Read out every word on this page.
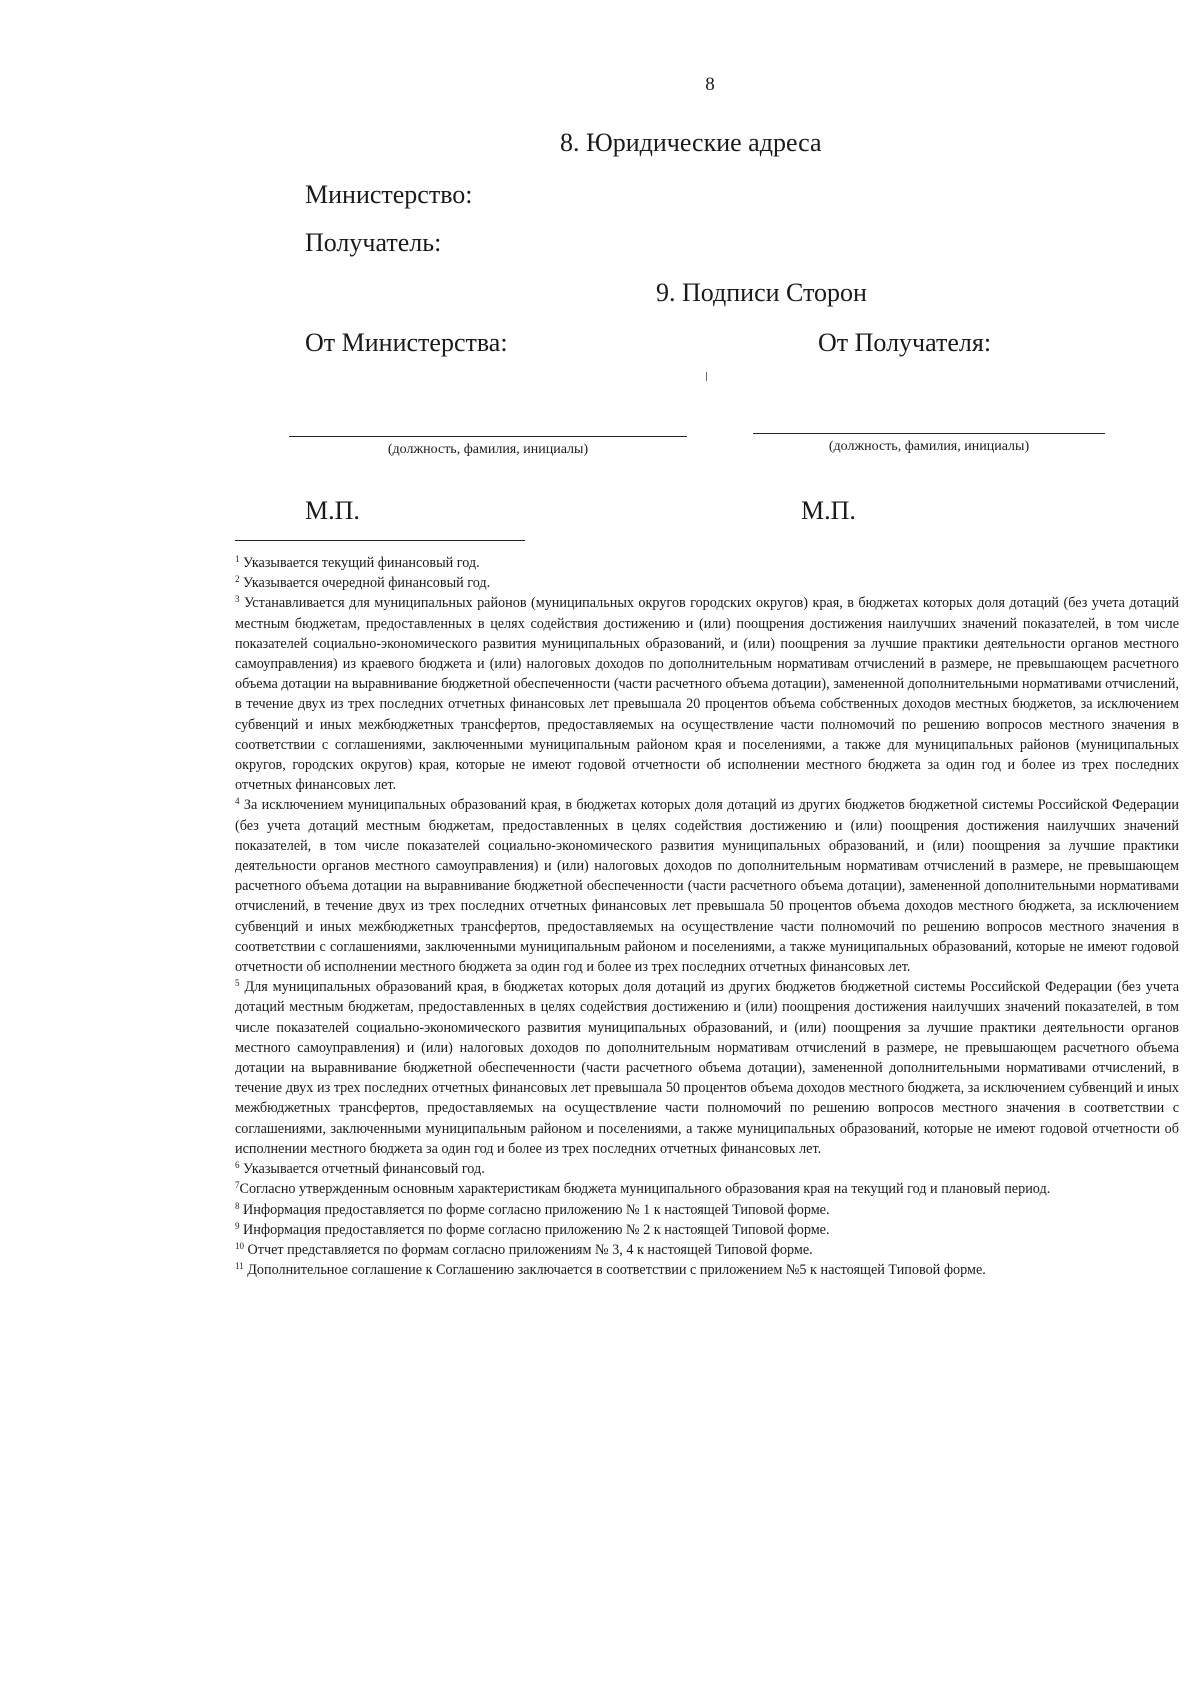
8
8. Юридические адреса
Министерство:
Получатель:
9. Подписи Сторон
От Министерства:	От Получателя:
(должность, фамилия, инициалы)	(должность, фамилия, инициалы)
М.П.	М.П.

$^1$ Указывается текущий финансовый год.

$^2$ Указывается очередной финансовый год.

$^3$ Устанавливается для муниципальных районов (муниципальных округов городских округов) края, в бюджетах которых доля дотаций (без учета дотаций местным бюджетам, предоставленных в целях содействия достижению и (или) поощрения достижения наилучших значений показателей, в том числе показателей социально-экономического развития муниципальных образований, и (или) поощрения за лучшие практики деятельности органов местного самоуправления) из краевого бюджета и (или) налоговых доходов по дополнительным нормативам отчислений в размере, не превышающем расчетного объема дотации на выравнивание бюджетной обеспеченности (части расчетного объема дотации), замененной дополнительными нормативами отчислений, в течение двух из трех последних отчетных финансовых лет превышала 20 процентов объема собственных доходов местных бюджетов, за исключением субвенций и иных межбюджетных трансфертов, предоставляемых на осуществление части полномочий по решению вопросов местного значения в соответствии с соглашениями, заключенными муниципальным районом края и поселениями, а также для муниципальных районов (муниципальных округов, городских округов) края, которые не имеют годовой отчетности об исполнении местного бюджета за один год и более из трех последних отчетных финансовых лет.

$^4$ За исключением муниципальных образований края, в бюджетах которых доля дотаций из других бюджетов бюджетной системы Российской Федерации (без учета дотаций местным бюджетам, предоставленных в целях содействия достижению и (или) поощрения достижения наилучших значений показателей, в том числе показателей социально-экономического развития муниципальных образований, и (или) поощрения за лучшие практики деятельности органов местного самоуправления) и (или) налоговых доходов по дополнительным нормативам отчислений в размере, не превышающем расчетного объема дотации на выравнивание бюджетной обеспеченности (части расчетного объема дотации), замененной дополнительными нормативами отчислений, в течение двух из трех последних отчетных финансовых лет превышала 50 процентов объема доходов местного бюджета, за исключением субвенций и иных межбюджетных трансфертов, предоставляемых на осуществление части полномочий по решению вопросов местного значения в соответствии с соглашениями, заключенными муниципальным районом и поселениями, а также муниципальных образований, которые не имеют годовой отчетности об исполнении местного бюджета за один год и более из трех последних отчетных финансовых лет.

$^5$ Для муниципальных образований края, в бюджетах которых доля дотаций из других бюджетов бюджетной системы Российской Федерации (без учета дотаций местным бюджетам, предоставленных в целях содействия достижению и (или) поощрения достижения наилучших значений показателей, в том числе показателей социально-экономического развития муниципальных образований, и (или) поощрения за лучшие практики деятельности органов местного самоуправления) и (или) налоговых доходов по дополнительным нормативам отчислений в размере, не превышающем расчетного объема дотации на выравнивание бюджетной обеспеченности (части расчетного объема дотации), замененной дополнительными нормативами отчислений, в течение двух из трех последних отчетных финансовых лет превышала 50 процентов объема доходов местного бюджета, за исключением субвенций и иных межбюджетных трансфертов, предоставляемых на осуществление части полномочий по решению вопросов местного значения в соответствии с соглашениями, заключенными муниципальным районом и поселениями, а также муниципальных образований, которые не имеют годовой отчетности об исполнении местного бюджета за один год и более из трех последних отчетных финансовых лет.

$^6$ Указывается отчетный финансовый год.

$^7$Согласно утвержденным основным характеристикам бюджета муниципального образования края на текущий год и плановый период.

$^8$ Информация предоставляется по форме согласно приложению № 1 к настоящей Типовой форме.

$^9$ Информация предоставляется по форме согласно приложению № 2 к настоящей Типовой форме.

$^{10}$ Отчет представляется по формам согласно приложениям № 3, 4 к настоящей Типовой форме.

$^{11}$ Дополнительное соглашение к Соглашению заключается в соответствии с приложением №5 к настоящей Типовой форме.
